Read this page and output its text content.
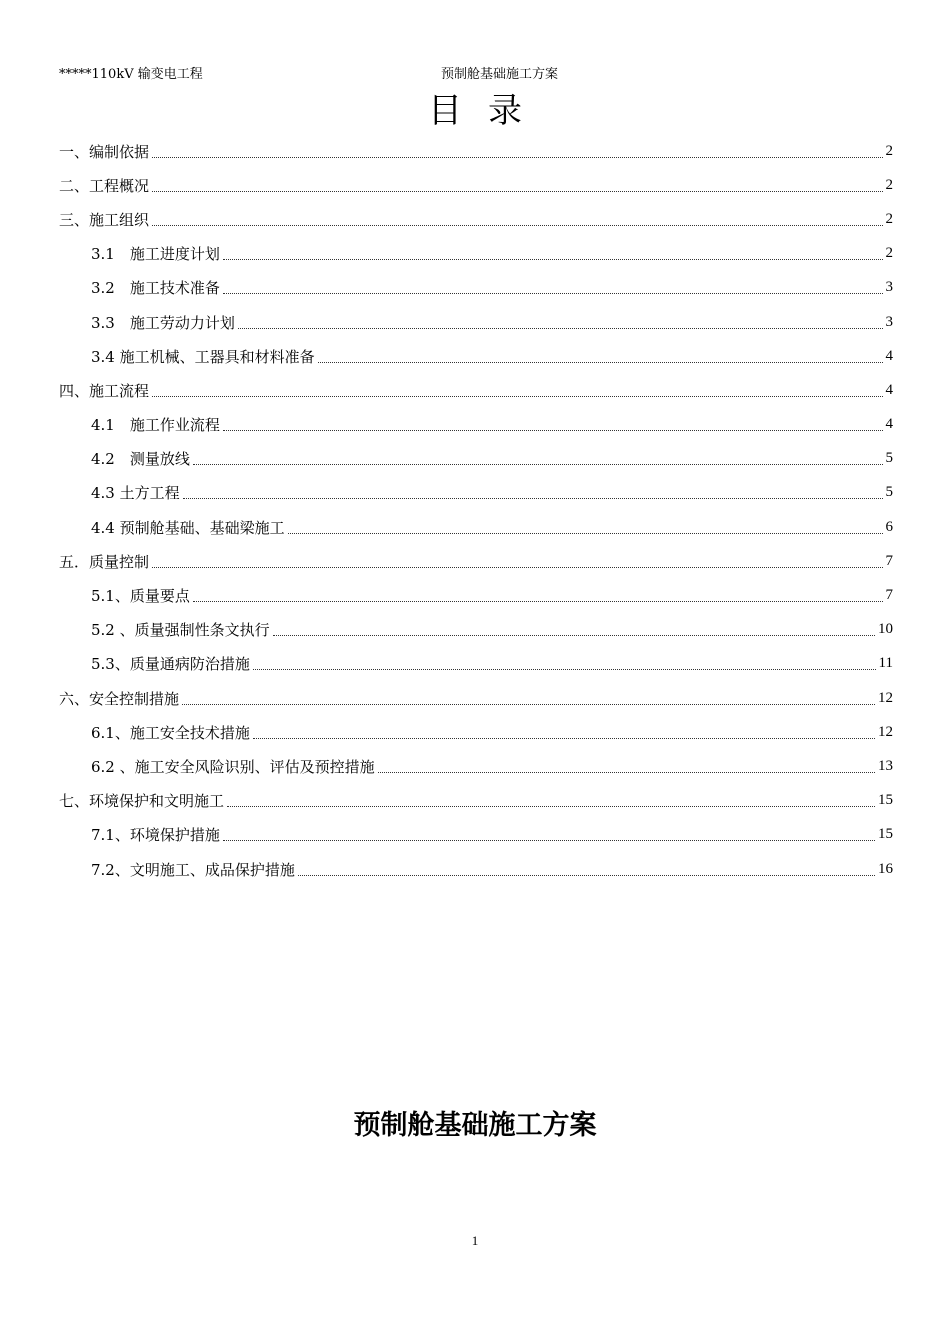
*****110kV 输变电工程	预制舱基础施工方案
目录
一、编制依据	2
二、工程概况	2
三、施工组织	2
3.1　施工进度计划	2
3.2　施工技术准备	3
3.3　施工劳动力计划	3
3.4 施工机械、工器具和材料准备	4
四、施工流程	4
4.1　施工作业流程	4
4.2　测量放线	5
4.3 土方工程	5
4.4 预制舱基础、基础梁施工	6
五．质量控制	7
5.1、质量要点	7
5.2 、质量强制性条文执行	10
5.3、质量通病防治措施	11
六、安全控制措施	12
6.1、施工安全技术措施	12
6.2 、施工安全风险识别、评估及预控措施	13
七、环境保护和文明施工	15
7.1、环境保护措施	15
7.2、文明施工、成品保护措施	16
预制舱基础施工方案
1
